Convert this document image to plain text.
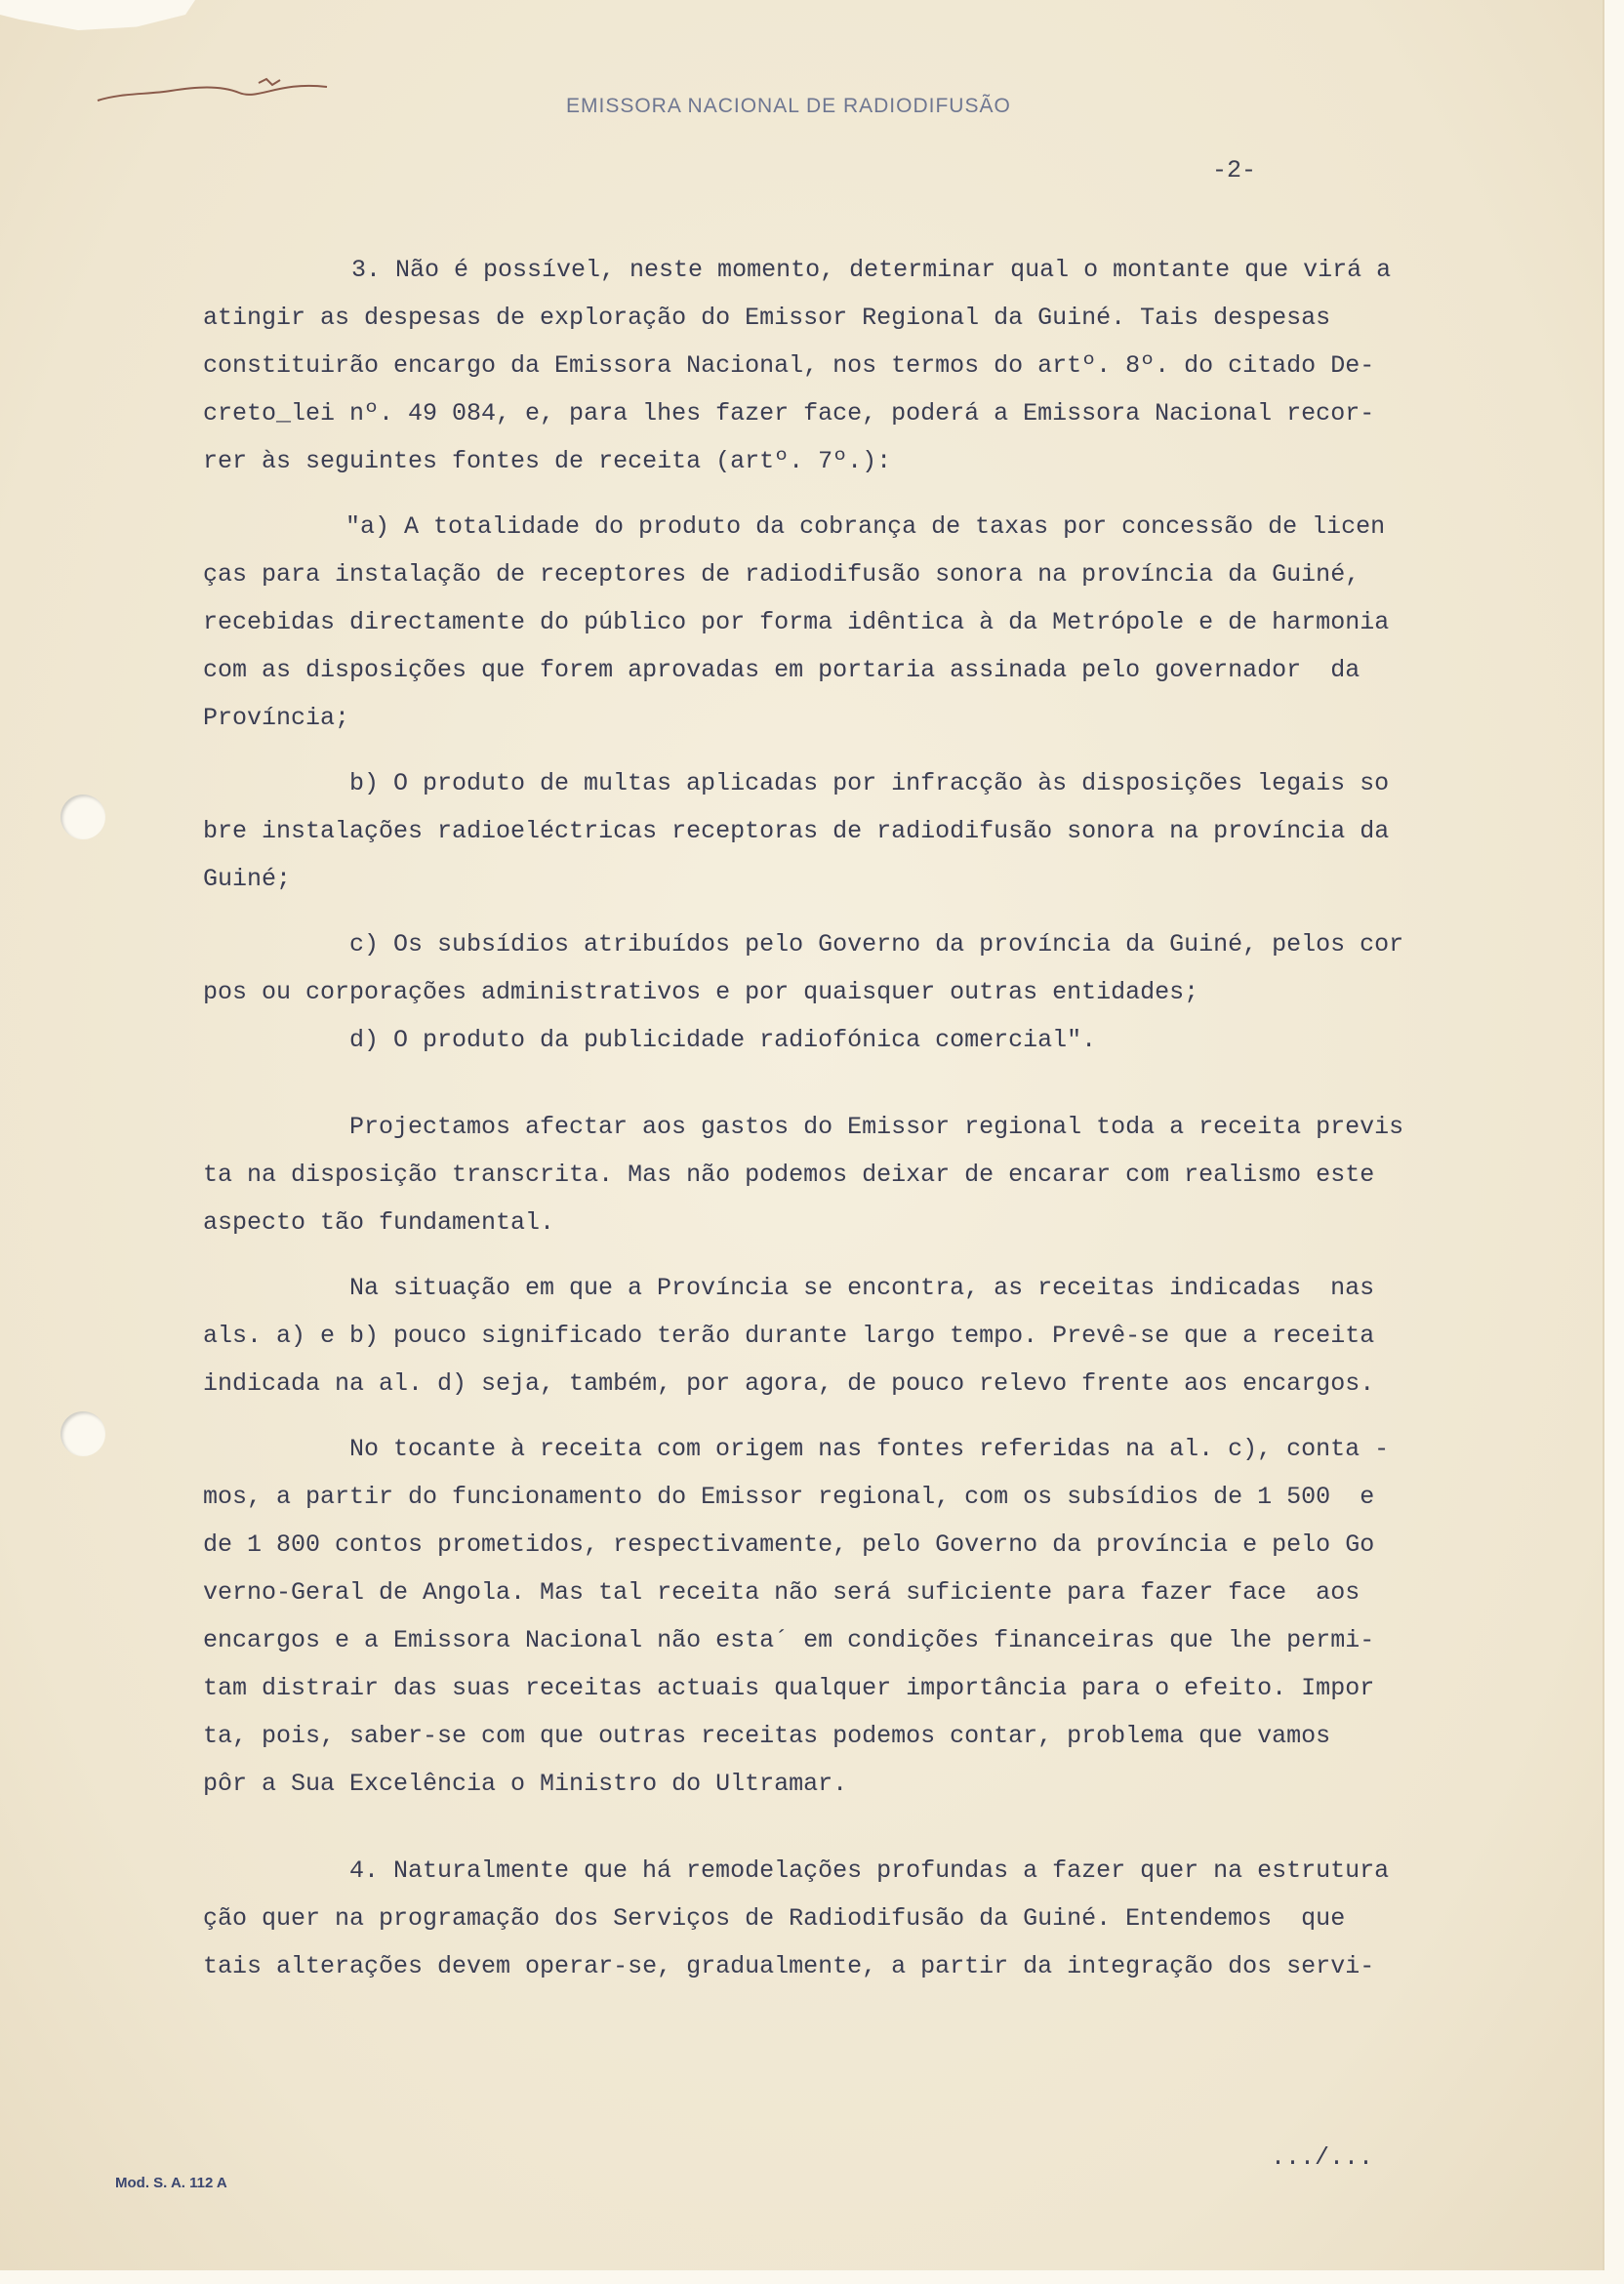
EMISSORA NACIONAL DE RADIODIFUSÃO

-2-

3. Não é possível, neste momento, determinar qual o montante que virá a
atingir as despesas de exploração do Emissor Regional da Guiné. Tais despesas
constituirão encargo da Emissora Nacional, nos termos do artº. 8º. do citado De-
creto_lei nº. 49 084, e, para lhes fazer face, poderá a Emissora Nacional recor-
rer às seguintes fontes de receita (artº. 7º.):

"a) A totalidade do produto da cobrança de taxas por concessão de licen
ças para instalação de receptores de radiodifusão sonora na província da Guiné,
recebidas directamente do público por forma idêntica à da Metrópole e de harmonia
com as disposições que forem aprovadas em portaria assinada pelo governador  da
Província;

b) O produto de multas aplicadas por infracção às disposições legais so
bre instalações radioeléctricas receptoras de radiodifusão sonora na província da
Guiné;

c) Os subsídios atribuídos pelo Governo da província da Guiné, pelos cor
pos ou corporações administrativos e por quaisquer outras entidades;

d) O produto da publicidade radiofónica comercial".

Projectamos afectar aos gastos do Emissor regional toda a receita previs
ta na disposição transcrita. Mas não podemos deixar de encarar com realismo este
aspecto tão fundamental.

Na situação em que a Província se encontra, as receitas indicadas  nas
als. a) e b) pouco significado terão durante largo tempo. Prevê-se que a receita
indicada na al. d) seja, também, por agora, de pouco relevo frente aos encargos.

No tocante à receita com origem nas fontes referidas na al. c), conta -
mos, a partir do funcionamento do Emissor regional, com os subsídios de 1 500  e
de 1 800 contos prometidos, respectivamente, pelo Governo da província e pelo Go
verno-Geral de Angola. Mas tal receita não será suficiente para fazer face  aos
encargos e a Emissora Nacional não esta´ em condições financeiras que lhe permi-
tam distrair das suas receitas actuais qualquer importância para o efeito. Impor
ta, pois, saber-se com que outras receitas podemos contar, problema que vamos
pôr a Sua Excelência o Ministro do Ultramar.

4. Naturalmente que há remodelações profundas a fazer quer na estrutura
ção quer na programação dos Serviços de Radiodifusão da Guiné. Entendemos  que
tais alterações devem operar-se, gradualmente, a partir da integração dos servi-

.../...

Mod. S. A. 112 A
